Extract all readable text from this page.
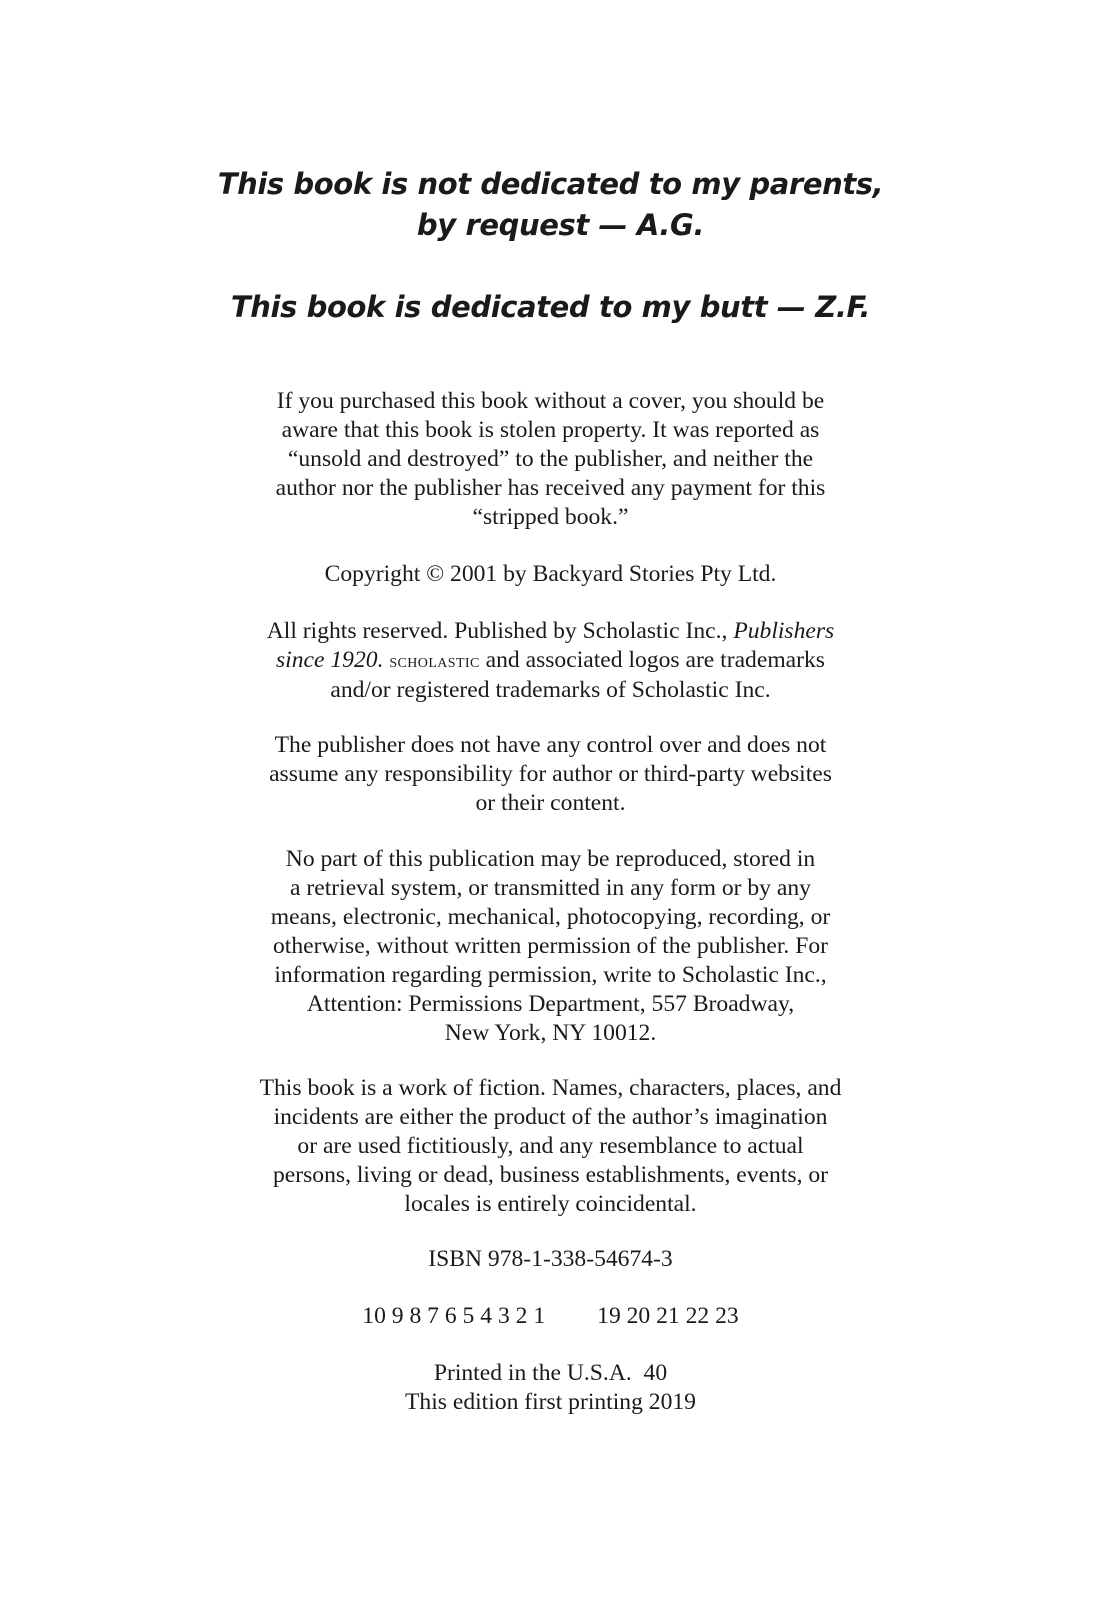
This book is not dedicated to my parents,
by request — A.G.
This book is dedicated to my butt — Z.F.
If you purchased this book without a cover, you should be
aware that this book is stolen property. It was reported as
“unsold and destroyed” to the publisher, and neither the
author nor the publisher has received any payment for this
“stripped book.”
Copyright © 2001 by Backyard Stories Pty Ltd.
All rights reserved. Published by Scholastic Inc., Publishers
since 1920. scholastic and associated logos are trademarks
and/or registered trademarks of Scholastic Inc.
The publisher does not have any control over and does not
assume any responsibility for author or third-party websites
or their content.
No part of this publication may be reproduced, stored in
a retrieval system, or transmitted in any form or by any
means, electronic, mechanical, photocopying, recording, or
otherwise, without written permission of the publisher. For
information regarding permission, write to Scholastic Inc.,
Attention: Permissions Department, 557 Broadway,
New York, NY 10012.
This book is a work of fiction. Names, characters, places, and
incidents are either the product of the author’s imagination
or are used fictitiously, and any resemblance to actual
persons, living or dead, business establishments, events, or
locales is entirely coincidental.
ISBN 978-1-338-54674-3
10 9 8 7 6 5 4 3 2 1 19 20 21 22 23
Printed in the U.S.A.  40
This edition first printing 2019
